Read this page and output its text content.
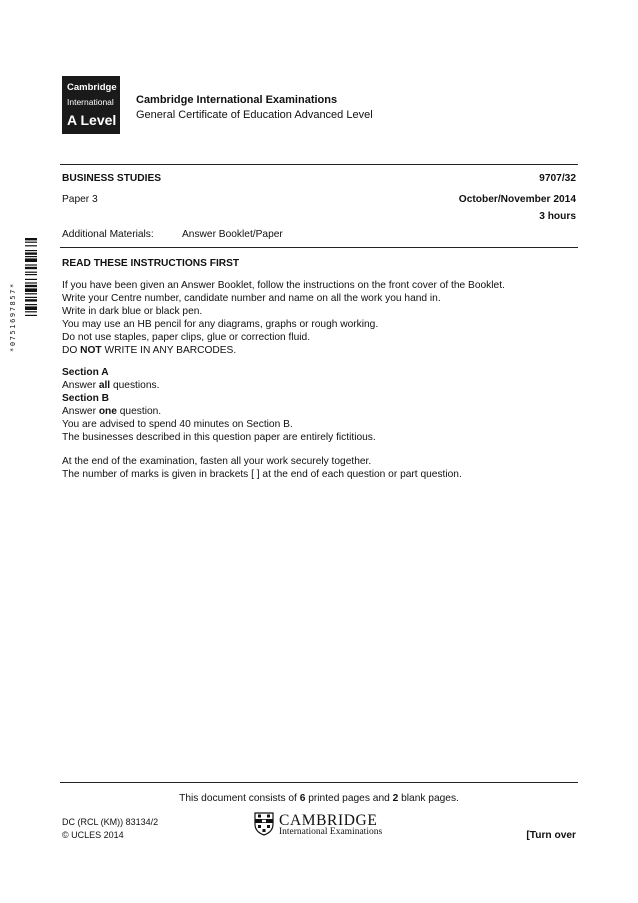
Cambridge
International
A Level
Cambridge International Examinations
General Certificate of Education Advanced Level
BUSINESS STUDIES	9707/32
Paper 3	October/November 2014
3 hours
Additional Materials:	Answer Booklet/Paper
*0751697857*
READ THESE INSTRUCTIONS FIRST
If you have been given an Answer Booklet, follow the instructions on the front cover of the Booklet.
Write your Centre number, candidate number and name on all the work you hand in.
Write in dark blue or black pen.
You may use an HB pencil for any diagrams, graphs or rough working.
Do not use staples, paper clips, glue or correction fluid.
DO NOT WRITE IN ANY BARCODES.
Section A
Answer all questions.
Section B
Answer one question.
You are advised to spend 40 minutes on Section B.
The businesses described in this question paper are entirely fictitious.
At the end of the examination, fasten all your work securely together.
The number of marks is given in brackets [ ] at the end of each question or part question.
This document consists of 6 printed pages and 2 blank pages.
DC (RCL (KM)) 83134/2
© UCLES 2014
CAMBRIDGE
International Examinations	[Turn over
